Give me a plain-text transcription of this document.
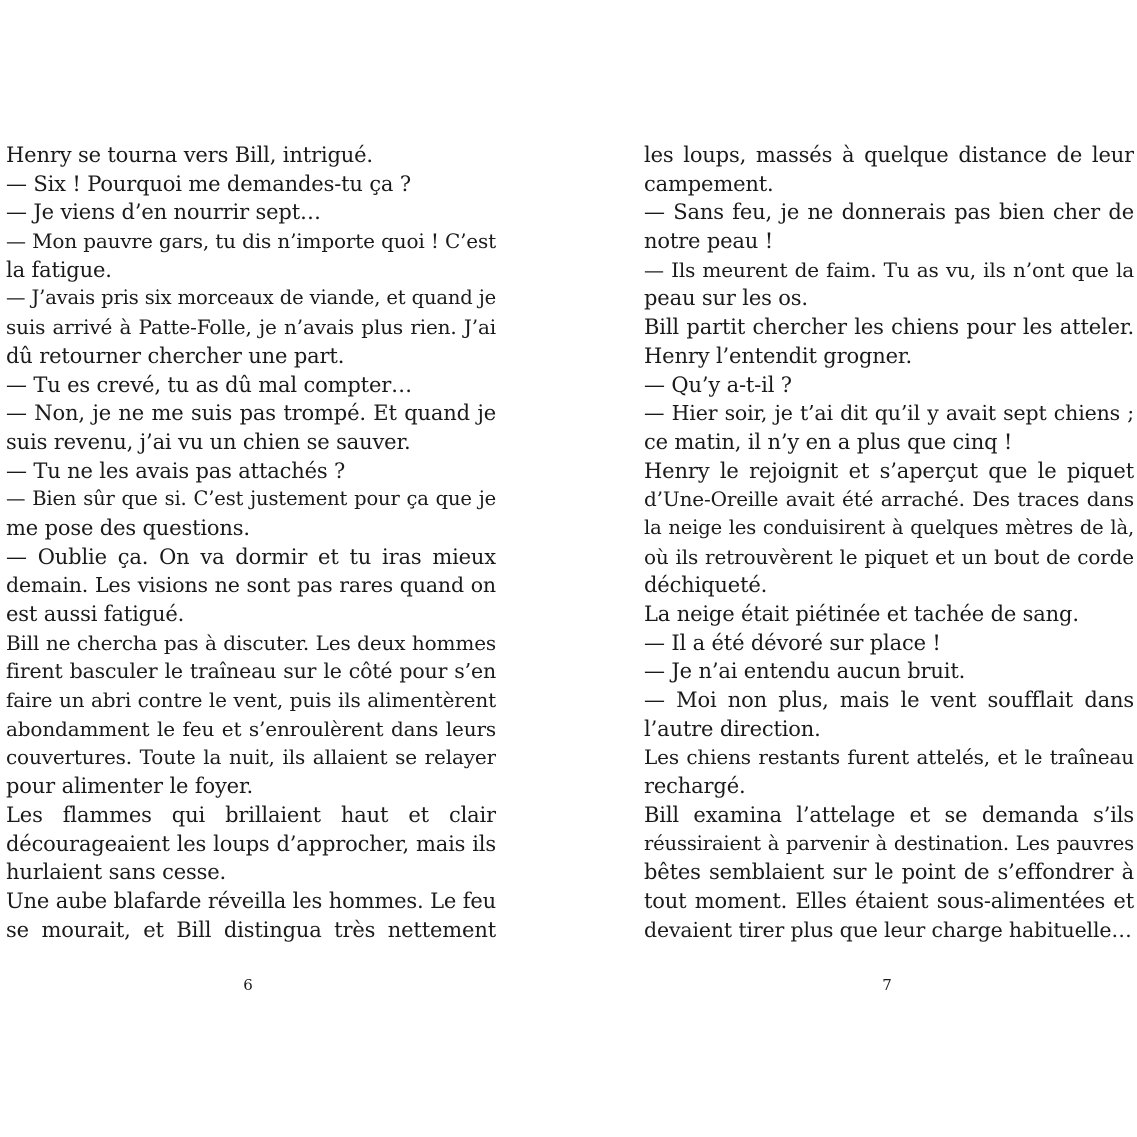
Henry se tourna vers Bill, intrigué.
— Six ! Pourquoi me demandes-tu ça ?
— Je viens d’en nourrir sept…
— Mon pauvre gars, tu dis n’importe quoi ! C’est
la fatigue.
— J’avais pris six morceaux de viande, et quand je
suis arrivé à Patte-Folle, je n’avais plus rien. J’ai
dû retourner chercher une part.
— Tu es crevé, tu as dû mal compter…
— Non, je ne me suis pas trompé. Et quand je
suis revenu, j’ai vu un chien se sauver.
— Tu ne les avais pas attachés ?
— Bien sûr que si. C’est justement pour ça que je
me pose des questions.
— Oublie ça. On va dormir et tu iras mieux
demain. Les visions ne sont pas rares quand on
est aussi fatigué.
Bill ne chercha pas à discuter. Les deux hommes
firent basculer le traîneau sur le côté pour s’en
faire un abri contre le vent, puis ils alimentèrent
abondamment le feu et s’enroulèrent dans leurs
couvertures. Toute la nuit, ils allaient se relayer
pour alimenter le foyer.
Les flammes qui brillaient haut et clair
décourageaient les loups d’approcher, mais ils
hurlaient sans cesse.
Une aube blafarde réveilla les hommes. Le feu
se mourait, et Bill distingua très nettement
les loups, massés à quelque distance de leur
campement.
— Sans feu, je ne donnerais pas bien cher de
notre peau !
— Ils meurent de faim. Tu as vu, ils n’ont que la
peau sur les os.
Bill partit chercher les chiens pour les atteler.
Henry l’entendit grogner.
— Qu’y a-t-il ?
— Hier soir, je t’ai dit qu’il y avait sept chiens ;
ce matin, il n’y en a plus que cinq !
Henry le rejoignit et s’aperçut que le piquet
d’Une-Oreille avait été arraché. Des traces dans
la neige les conduisirent à quelques mètres de là,
où ils retrouvèrent le piquet et un bout de corde
déchiqueté.
La neige était piétinée et tachée de sang.
— Il a été dévoré sur place !
— Je n’ai entendu aucun bruit.
— Moi non plus, mais le vent soufflait dans
l’autre direction.
Les chiens restants furent attelés, et le traîneau
rechargé.
Bill examina l’attelage et se demanda s’ils
réussiraient à parvenir à destination. Les pauvres
bêtes semblaient sur le point de s’effondrer à
tout moment. Elles étaient sous-alimentées et
devaient tirer plus que leur charge habituelle…
6	7
